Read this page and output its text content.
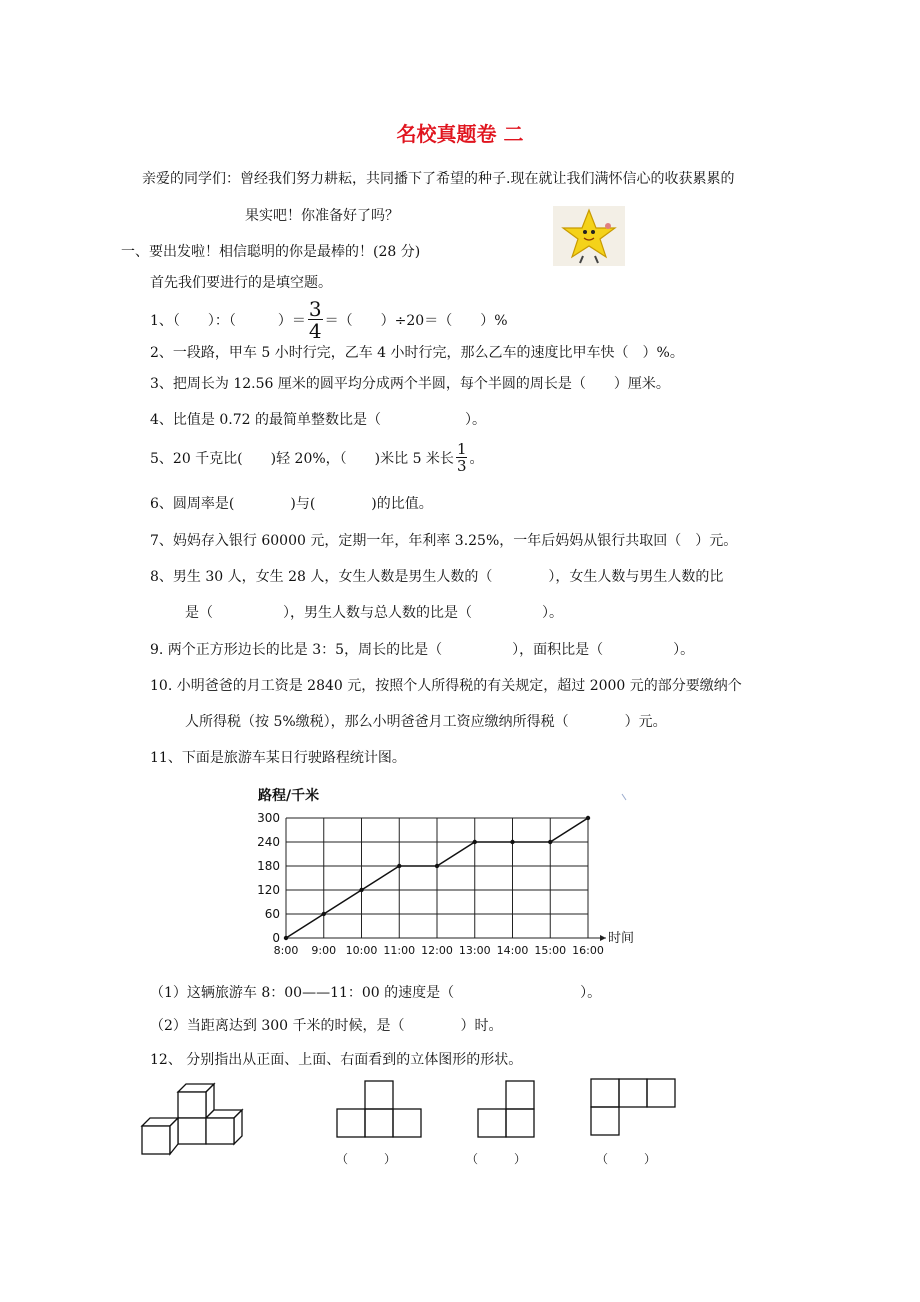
名校真题卷 二
亲爱的同学们：曾经我们努力耕耘，共同播下了希望的种子.现在就让我们满怀信心的收获累累的
果实吧！你准备好了吗？
一、要出发啦！相信聪明的你是最棒的！(28 分)
首先我们要进行的是填空题。
1、（　　）：（　　　）＝ $\frac{3}{4}$ ＝（　　）÷20＝（　　）%
2、一段路，甲车 5 小时行完，乙车 4 小时行完，那么乙车的速度比甲车快（　）%。
3、把周长为 12.56 厘米的圆平均分成两个半圆，每个半圆的周长是（　　）厘米。
4、比值是 0.72 的最简单整数比是（　　　　　　）。
5、20 千克比(　　)轻 20%，（　　)米比 5 米长 $\frac{1}{3}$ 。
6、圆周率是(　　　　)与(　　　　)的比值。
7、妈妈存入银行 60000 元，定期一年，年利率 3.25%，一年后妈妈从银行共取回（　）元。
8、男生 30 人，女生 28 人，女生人数是男生人数的（　　　　），女生人数与男生人数的比
是（　　　　　），男生人数与总人数的比是（　　　　　）。
9. 两个正方形边长的比是 3：5，周长的比是（　　　　　），面积比是（　　　　　）。
10. 小明爸爸的月工资是 2840 元，按照个人所得税的有关规定，超过 2000 元的部分要缴纳个
人所得税（按 5%缴税），那么小明爸爸月工资应缴纳所得税（　　　　）元。
11、下面是旅游车某日行驶路程统计图。
路程/千米
0
60
120
180
240
300
8:00 9:00 10:00 11:00 12:00 13:00 14:00 15:00 16:00
时间
（1）这辆旅游车 8：00——11：00 的速度是（　　　　　　　　　）。
（2）当距离达到 300 千米的时候，是（　　　　）时。
12、 分别指出从正面、上面、右面看到的立体图形的形状。
（　　　）	（　　　）	（　　　）
